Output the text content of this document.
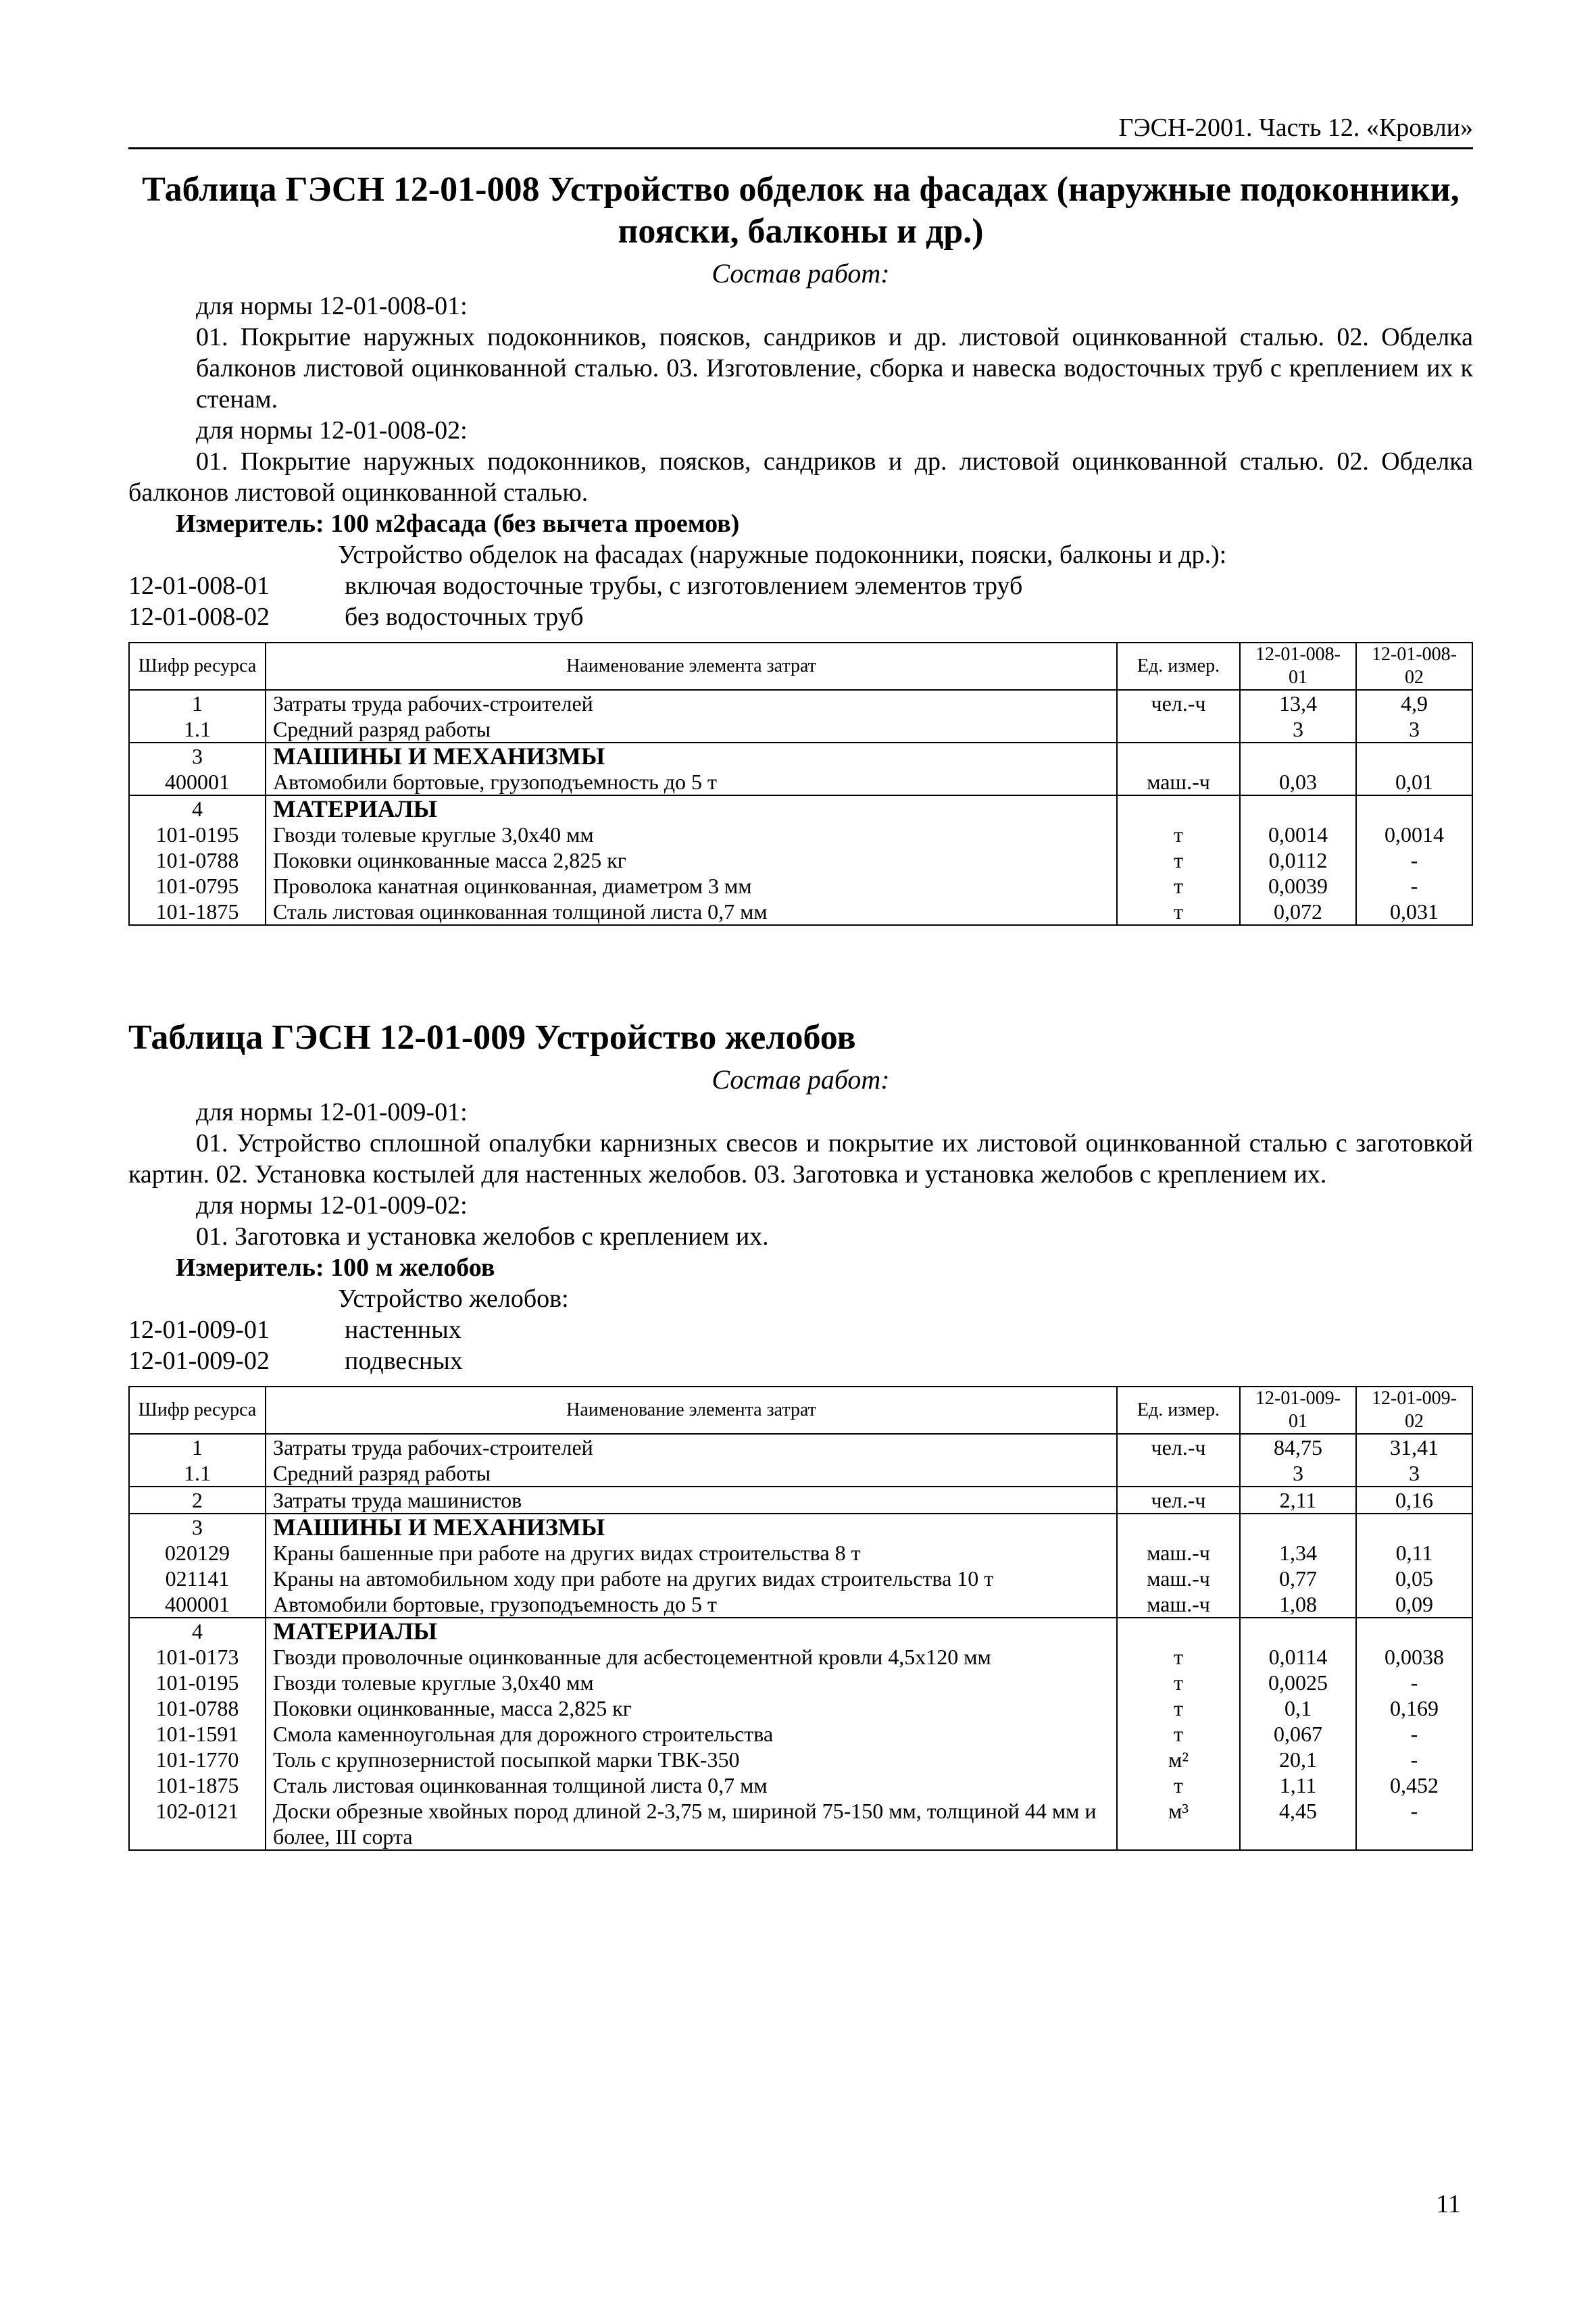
ГЭСН-2001. Часть 12. «Кровли»
Таблица ГЭСН 12-01-008 Устройство обделок на фасадах (наружные подоконники,
пояски, балконы и др.)
Состав работ:

для нормы 12-01-008-01:

01. Покрытие наружных подоконников, поясков, сандриков и др. листовой оцинкованной сталью. 02. Обделка балконов листовой оцинкованной сталью. 03. Изготовление, сборка и навеска водосточных труб с креплением их к стенам.

для нормы 12-01-008-02:

01. Покрытие наружных подоконников, поясков, сандриков и др. листовой оцинкованной сталью. 02. Обделка балконов листовой оцинкованной сталью.

Измеритель: 100 м2фасада (без вычета проемов)

Устройство обделок на фасадах (наружные подоконники, пояски, балконы и др.):

12-01-008-01	включая водосточные трубы, с изготовлением элементов труб
12-01-008-02	без водосточных труб
Шифр ресурса	Наименование элемента затрат	Ед. измер.	12-01-008-01	12-01-008-02
1	Затраты труда рабочих-строителей	чел.-ч	13,4	4,9
1.1	Средний разряд работы		3	3
3	МАШИНЫ И МЕХАНИЗМЫ			
400001	Автомобили бортовые, грузоподъемность до 5 т	маш.-ч	0,03	0,01
4	МАТЕРИАЛЫ			
101-0195	Гвозди толевые круглые 3,0х40 мм	т	0,0014	0,0014
101-0788	Поковки оцинкованные масса 2,825 кг	т	0,0112	-
101-0795	Проволока канатная оцинкованная, диаметром 3 мм	т	0,0039	-
101-1875	Сталь листовая оцинкованная толщиной листа 0,7 мм	т	0,072	0,031
Таблица ГЭСН 12-01-009 Устройство желобов
Состав работ:

для нормы 12-01-009-01:

01. Устройство сплошной опалубки карнизных свесов и покрытие их листовой оцинкованной сталью с заготовкой картин. 02. Установка костылей для настенных желобов. 03. Заготовка и установка желобов с креплением их.

для нормы 12-01-009-02:

01. Заготовка и установка желобов с креплением их.

Измеритель: 100 м желобов

Устройство желобов:

12-01-009-01	настенных
12-01-009-02	подвесных
Шифр ресурса	Наименование элемента затрат	Ед. измер.	12-01-009-01	12-01-009-02
1	Затраты труда рабочих-строителей	чел.-ч	84,75	31,41
1.1	Средний разряд работы		3	3
2	Затраты труда машинистов	чел.-ч	2,11	0,16
3	МАШИНЫ И МЕХАНИЗМЫ			
020129	Краны башенные при работе на других видах строительства 8 т	маш.-ч	1,34	0,11
021141	Краны на автомобильном ходу при работе на других видах строительства 10 т	маш.-ч	0,77	0,05
400001	Автомобили бортовые, грузоподъемность до 5 т	маш.-ч	1,08	0,09
4	МАТЕРИАЛЫ			
101-0173	Гвозди проволочные оцинкованные для асбестоцементной кровли 4,5х120 мм	т	0,0114	0,0038
101-0195	Гвозди толевые круглые 3,0х40 мм	т	0,0025	-
101-0788	Поковки оцинкованные, масса 2,825 кг	т	0,1	0,169
101-1591	Смола каменноугольная для дорожного строительства	т	0,067	-
101-1770	Толь с крупнозернистой посыпкой марки ТВК-350	м²	20,1	-
101-1875	Сталь листовая оцинкованная толщиной листа 0,7 мм	т	1,11	0,452
102-0121	Доски обрезные хвойных пород длиной 2-3,75 м, шириной 75-150 мм, толщиной 44 мм и более, III сорта	м³	4,45	-
11
